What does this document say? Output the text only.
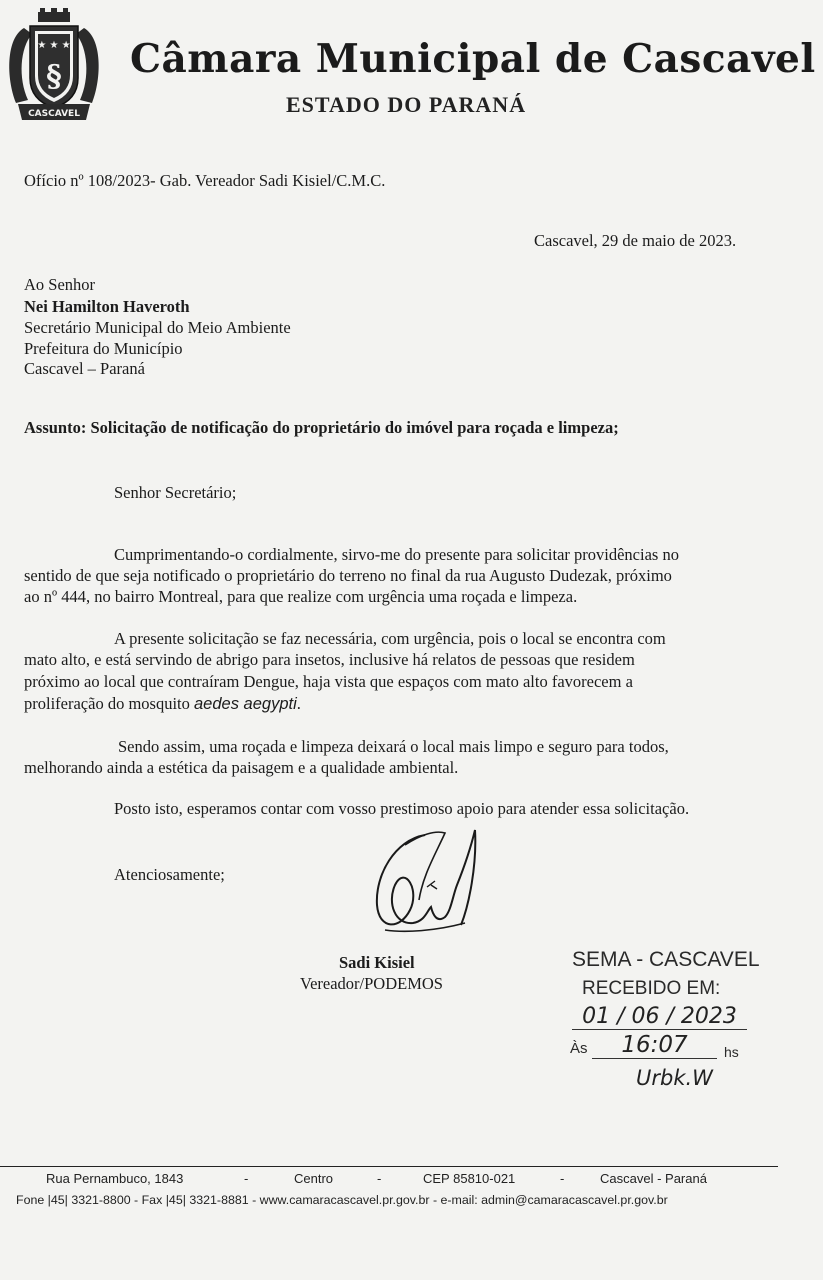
★ ★ ★
§
CASCAVEL
Câmara Municipal de Cascavel
ESTADO DO PARANÁ
Ofício nº 108/2023- Gab. Vereador Sadi Kisiel/C.M.C.
Cascavel, 29 de maio de 2023.
Ao Senhor
Nei Hamilton Haveroth
Secretário Municipal do Meio Ambiente
Prefeitura do Município
Cascavel – Paraná
Assunto: Solicitação de notificação do proprietário do imóvel para roçada e limpeza;
Senhor Secretário;
Cumprimentando-o cordialmente, sirvo-me do presente para solicitar providências no
sentido de que seja notificado o proprietário do terreno no final da rua Augusto Dudezak, próximo
ao nº 444, no bairro Montreal, para que realize com urgência uma roçada e limpeza.
A presente solicitação se faz necessária, com urgência, pois o local se encontra com
mato alto, e está servindo de abrigo para insetos, inclusive há relatos de pessoas que residem
próximo ao local que contraíram Dengue, haja vista que espaços com mato alto favorecem a
proliferação do mosquito aedes aegypti.
Sendo assim, uma roçada e limpeza deixará o local mais limpo e seguro para todos,
melhorando ainda a estética da paisagem e a qualidade ambiental.
Posto isto, esperamos contar com vosso prestimoso apoio para atender essa solicitação.
Atenciosamente;
Sadi Kisiel
Vereador/PODEMOS
SEMA - CASCAVEL
RECEBIDO EM:
01 / 06 / 2023
Às	16:07	hs
Urbk.W
Rua Pernambuco, 1843	-	Centro	-	CEP 85810-021	-	Cascavel - Paraná
Fone |45| 3321-8800 - Fax |45| 3321-8881 - www.camaracascavel.pr.gov.br - e-mail: admin@camaracascavel.pr.gov.br
